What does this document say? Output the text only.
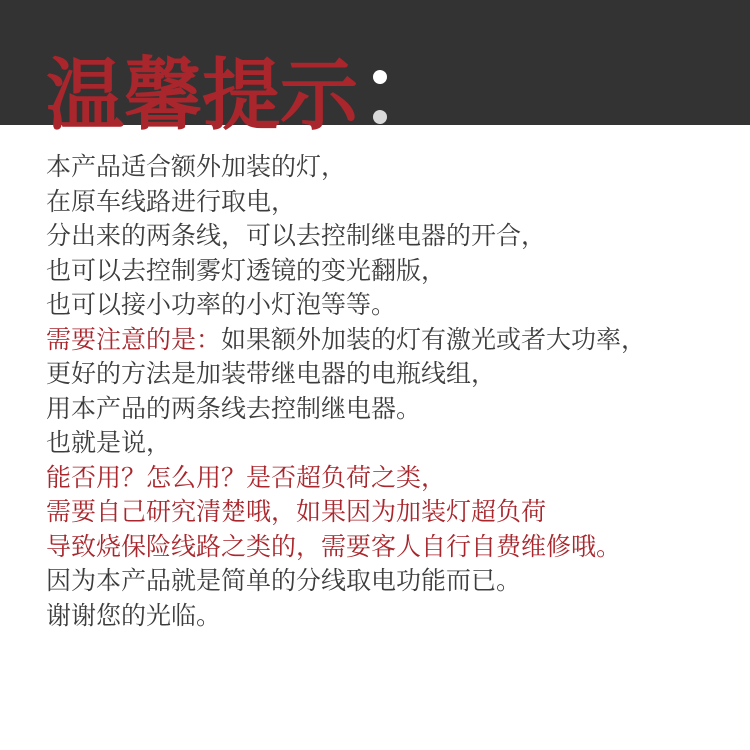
温馨提示
本产品适合额外加装的灯，
在原车线路进行取电，
分出来的两条线，可以去控制继电器的开合，
也可以去控制雾灯透镜的变光翻版，
也可以接小功率的小灯泡等等。
需要注意的是：如果额外加装的灯有激光或者大功率，
更好的方法是加装带继电器的电瓶线组，
用本产品的两条线去控制继电器。
也就是说，
能否用？怎么用？是否超负荷之类，
需要自己研究清楚哦，如果因为加装灯超负荷
导致烧保险线路之类的，需要客人自行自费维修哦。
因为本产品就是简单的分线取电功能而已。
谢谢您的光临。
